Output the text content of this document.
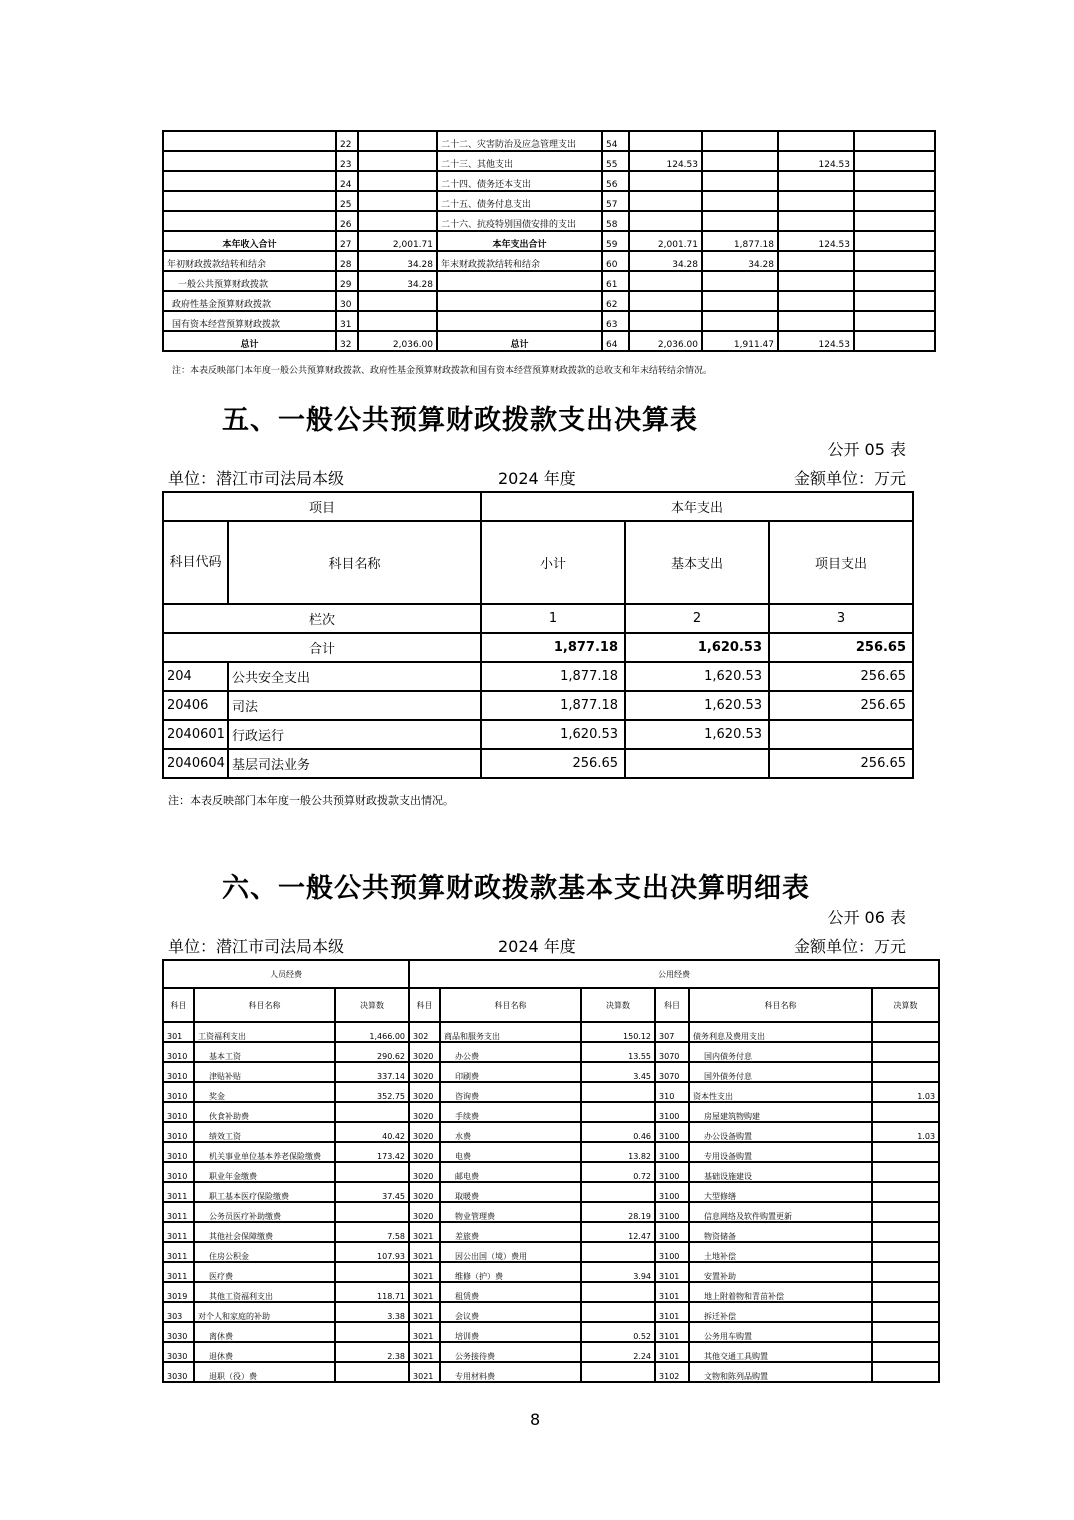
	22		二十二、灾害防治及应急管理支出	54				
	23		二十三、其他支出	55	124.53		124.53	
	24		二十四、债务还本支出	56				
	25		二十五、债务付息支出	57				
	26		二十六、抗疫特别国债安排的支出	58				
本年收入合计	27	2,001.71	本年支出合计	59	2,001.71	1,877.18	124.53	
年初财政拨款结转和结余	28	34.28	年末财政拨款结转和结余	60	34.28	34.28		
一般公共预算财政拨款	29	34.28		61				
政府性基金预算财政拨款	30			62				
国有资本经营预算财政拨款	31			63				
总计	32	2,036.00	总计	64	2,036.00	1,911.47	124.53	
注：本表反映部门本年度一般公共预算财政拨款、政府性基金预算财政拨款和国有资本经营预算财政拨款的总收支和年末结转结余情况。
五、一般公共预算财政拨款支出决算表
公开 05 表
单位：潜江市司法局本级	2024 年度	金额单位：万元
项目		本年支出		
科目代码	科目名称	小计	基本支出	项目支出
栏次		1	2	3
合计		1,877.18	1,620.53	256.65
204	公共安全支出	1,877.18	1,620.53	256.65
20406	司法	1,877.18	1,620.53	256.65
2040601	行政运行	1,620.53	1,620.53	
2040604	基层司法业务	256.65		256.65
注：本表反映部门本年度一般公共预算财政拨款支出情况。
六、一般公共预算财政拨款基本支出决算明细表
公开 06 表
单位：潜江市司法局本级	2024 年度	金额单位：万元
人员经费			公用经费					
科目	科目名称	决算数	科目	科目名称	决算数	科目	科目名称	决算数
301	工资福利支出	1,466.00	302	商品和服务支出	150.12	307	债务利息及费用支出	
3010	基本工资	290.62	3020	办公费	13.55	3070	国内债务付息	
3010	津贴补贴	337.14	3020	印刷费	3.45	3070	国外债务付息	
3010	奖金	352.75	3020	咨询费		310	资本性支出	1.03
3010	伙食补助费		3020	手续费		3100	房屋建筑物购建	
3010	绩效工资	40.42	3020	水费	0.46	3100	办公设备购置	1.03
3010	机关事业单位基本养老保险缴费	173.42	3020	电费	13.82	3100	专用设备购置	
3010	职业年金缴费		3020	邮电费	0.72	3100	基础设施建设	
3011	职工基本医疗保险缴费	37.45	3020	取暖费		3100	大型修缮	
3011	公务员医疗补助缴费		3020	物业管理费	28.19	3100	信息网络及软件购置更新	
3011	其他社会保障缴费	7.58	3021	差旅费	12.47	3100	物资储备	
3011	住房公积金	107.93	3021	因公出国（境）费用		3100	土地补偿	
3011	医疗费		3021	维修（护）费	3.94	3101	安置补助	
3019	其他工资福利支出	118.71	3021	租赁费		3101	地上附着物和青苗补偿	
303	对个人和家庭的补助	3.38	3021	会议费		3101	拆迁补偿	
3030	离休费		3021	培训费	0.52	3101	公务用车购置	
3030	退休费	2.38	3021	公务接待费	2.24	3101	其他交通工具购置	
3030	退职（役）费		3021	专用材料费		3102	文物和陈列品购置	
8
